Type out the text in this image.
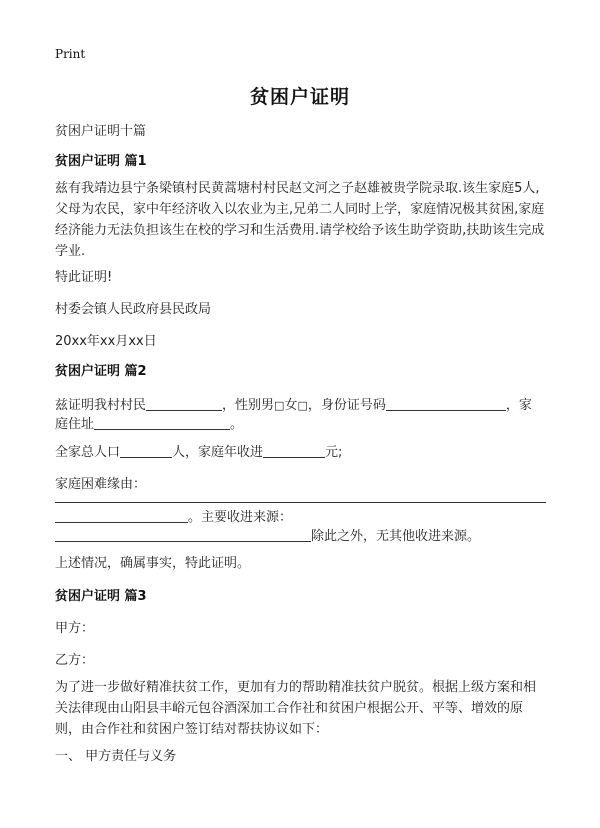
Print
贫困户证明
贫困户证明十篇
贫困户证明 篇1
兹有我靖边县宁条梁镇村民黄蒿塘村村民赵文河之子赵雄被贵学院录取.该生家庭5人,父母为农民，家中年经济收入以农业为主,兄弟二人同时上学，家庭情况极其贫困,家庭经济能力无法负担该生在校的学习和生活费用.请学校给予该生助学资助,扶助该生完成学业.
特此证明!
村委会镇人民政府县民政局
20xx年xx月xx日
贫困户证明 篇2
兹证明我村村民	，性别男□女□，身份证号码	，家
庭住址	。
全家总人口	人，家庭年收进	元;
家庭困难缘由：
。主要收进来源：
除此之外，无其他收进来源。
上述情况，确属事实，特此证明。
贫困户证明 篇3
甲方：
乙方：
为了进一步做好精准扶贫工作，更加有力的帮助精准扶贫户脱贫。根据上级方案和相关法律现由山阳县丰峪元包谷酒深加工合作社和贫困户根据公开、平等、增效的原则，由合作社和贫困户签订结对帮扶协议如下：
一、 甲方责任与义务
